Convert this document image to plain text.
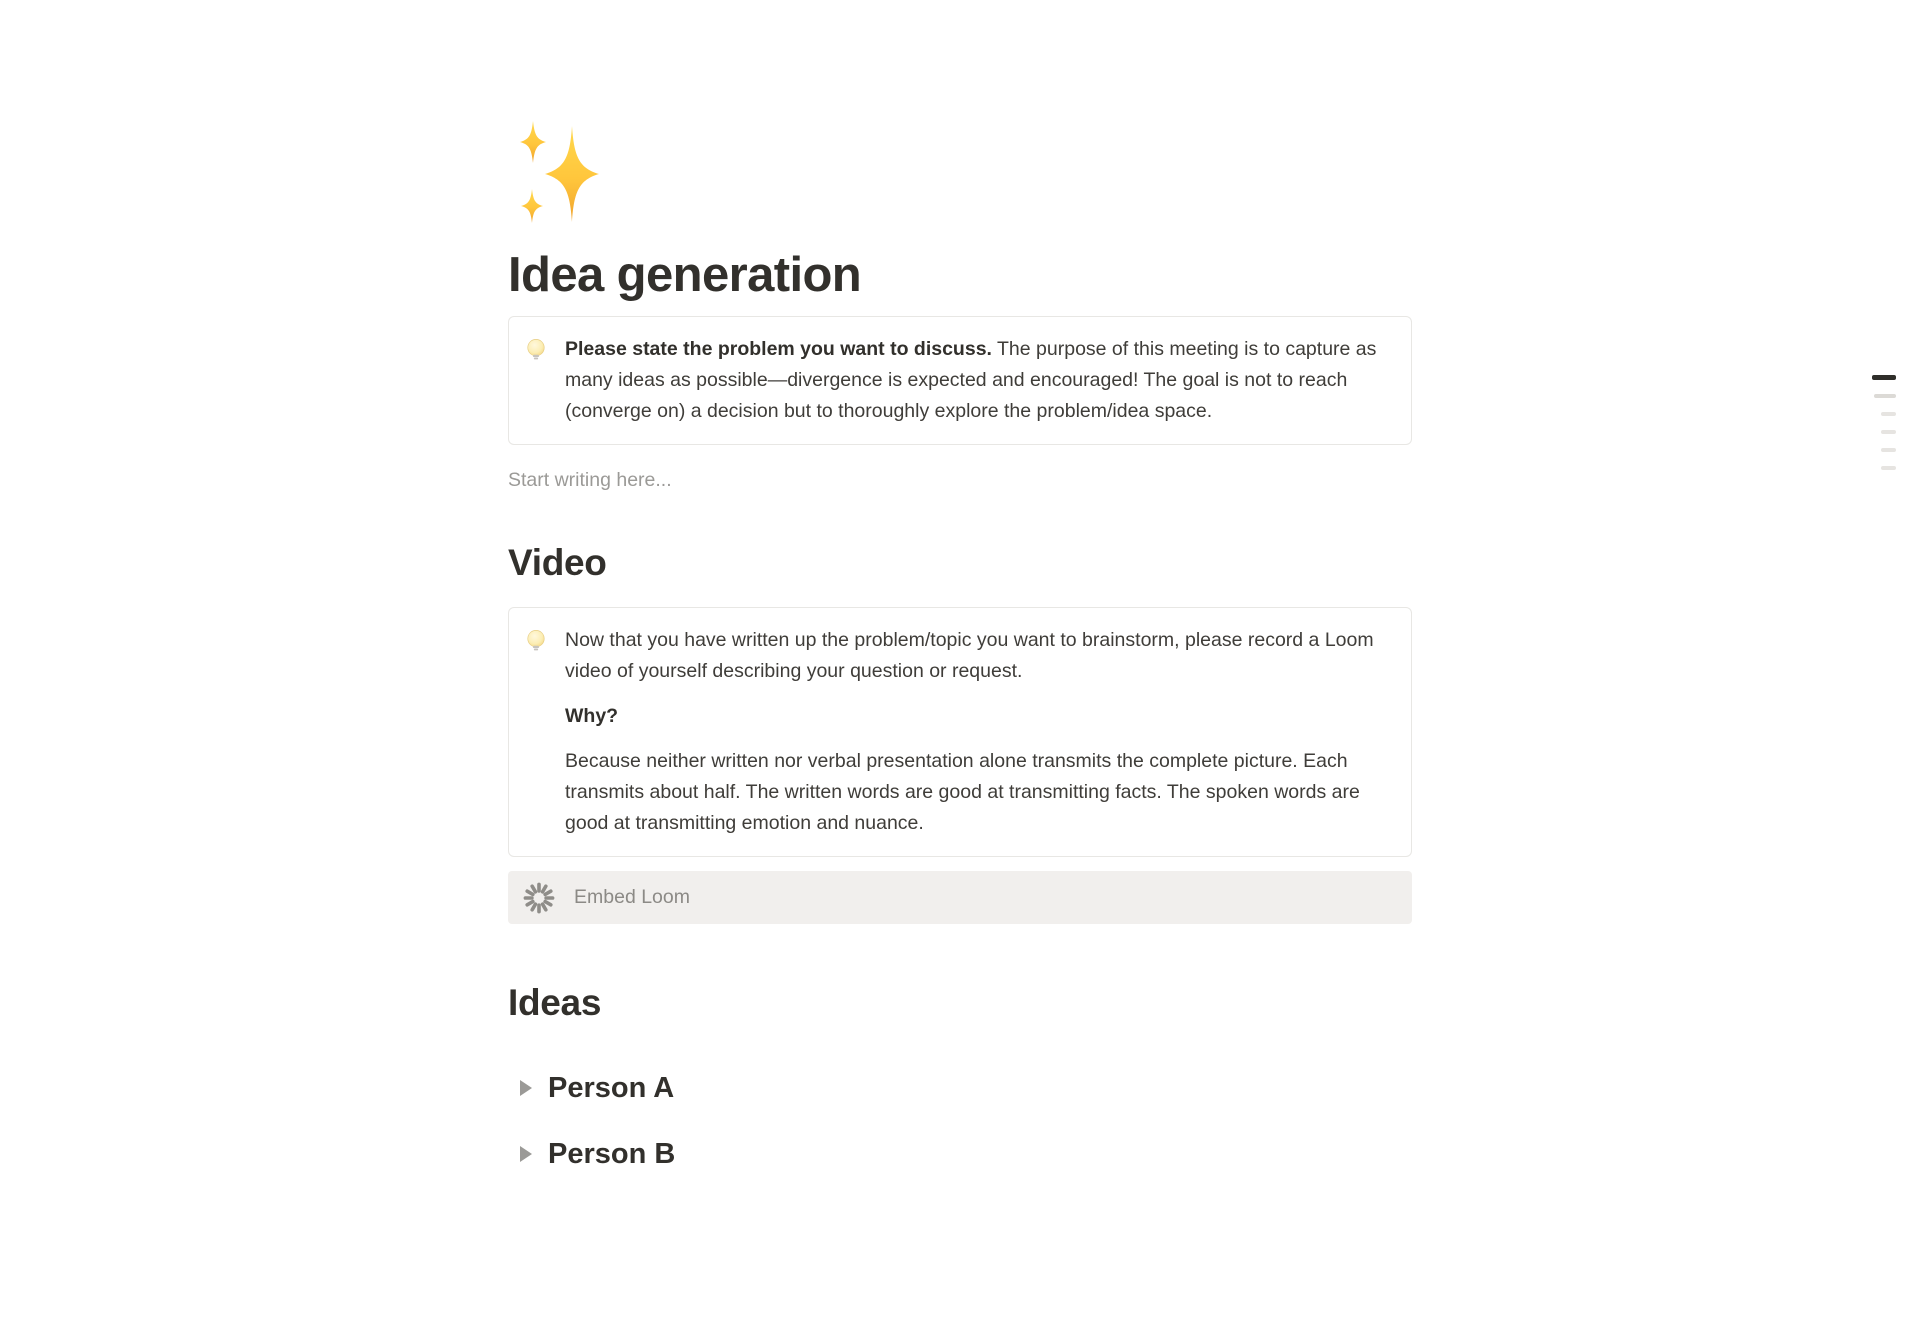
Idea generation

Please state the problem you want to discuss. The purpose of this meeting is to capture as many ideas as possible—divergence is expected and encouraged! The goal is not to reach (converge on) a decision but to thoroughly explore the problem/idea space.

Start writing here...
Video

Now that you have written up the problem/topic you want to brainstorm, please record a Loom video of yourself describing your question or request.

Why?

Because neither written nor verbal presentation alone transmits the complete picture. Each transmits about half. The written words are good at transmitting facts. The spoken words are good at transmitting emotion and nuance.

Embed Loom
Ideas
Person A
Person B
